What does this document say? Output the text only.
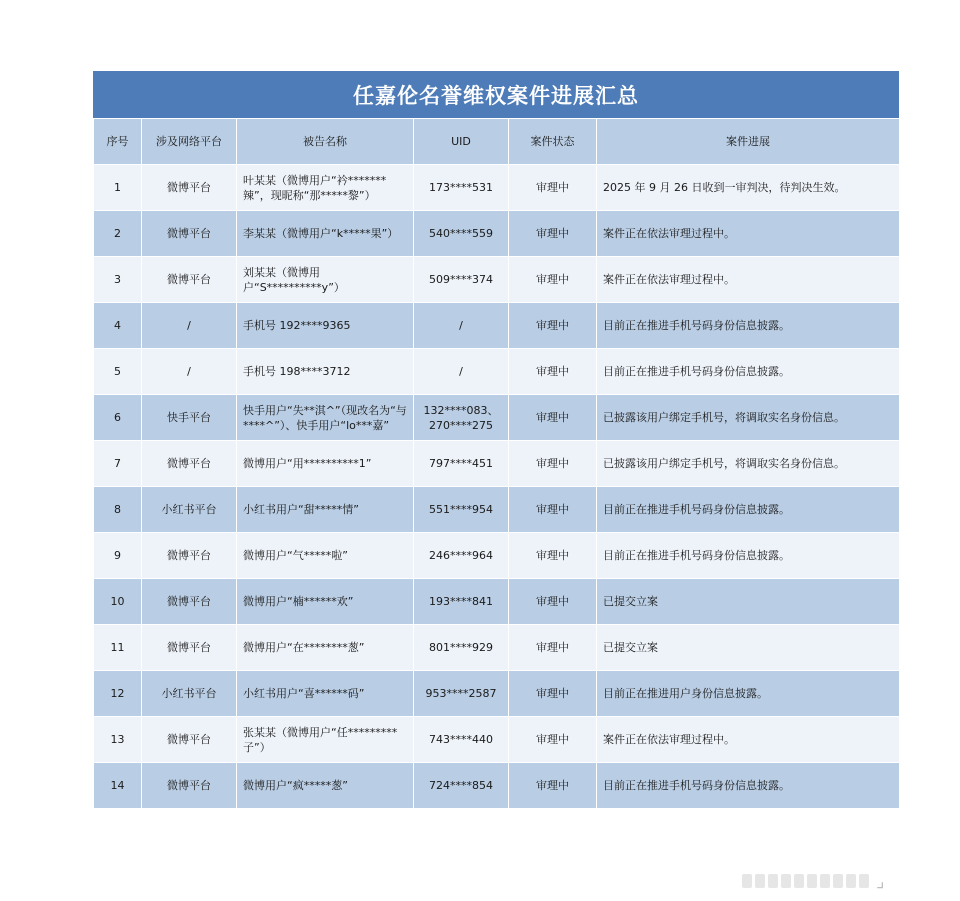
任嘉伦名誉维权案件进展汇总
序号	涉及网络平台	被告名称	UID	案件状态	案件进展
1	微博平台	叶某某（微博用户“衿*******辣”，现昵称“那*****黎”）	173****531	审理中	2025 年 9 月 26 日收到一审判决，待判决生效。
2	微博平台	李某某（微博用户“k*****果”）	540****559	审理中	案件正在依法审理过程中。
3	微博平台	刘某某（微博用户“S**********y”）	509****374	审理中	案件正在依法审理过程中。
4	/	手机号 192****9365	/	审理中	目前正在推进手机号码身份信息披露。
5	/	手机号 198****3712	/	审理中	目前正在推进手机号码身份信息披露。
6	快手平台	快手用户“失**淇^”（现改名为“与****^”）、快手用户“lo***嘉”	132****083、270****275	审理中	已披露该用户绑定手机号，将调取实名身份信息。
7	微博平台	微博用户“用**********1”	797****451	审理中	已披露该用户绑定手机号，将调取实名身份信息。
8	小红书平台	小红书用户“甜*****情”	551****954	审理中	目前正在推进手机号码身份信息披露。
9	微博平台	微博用户“气*****啦”	246****964	审理中	目前正在推进手机号码身份信息披露。
10	微博平台	微博用户“楠******欢”	193****841	审理中	已提交立案
11	微博平台	微博用户“在********葱”	801****929	审理中	已提交立案
12	小红书平台	小红书用户“喜******码”	953****2587	审理中	目前正在推进用户身份信息披露。
13	微博平台	张某某（微博用户“任*********子”）	743****440	审理中	案件正在依法审理过程中。
14	微博平台	微博用户“疯*****葱”	724****854	审理中	目前正在推进手机号码身份信息披露。
⌟
